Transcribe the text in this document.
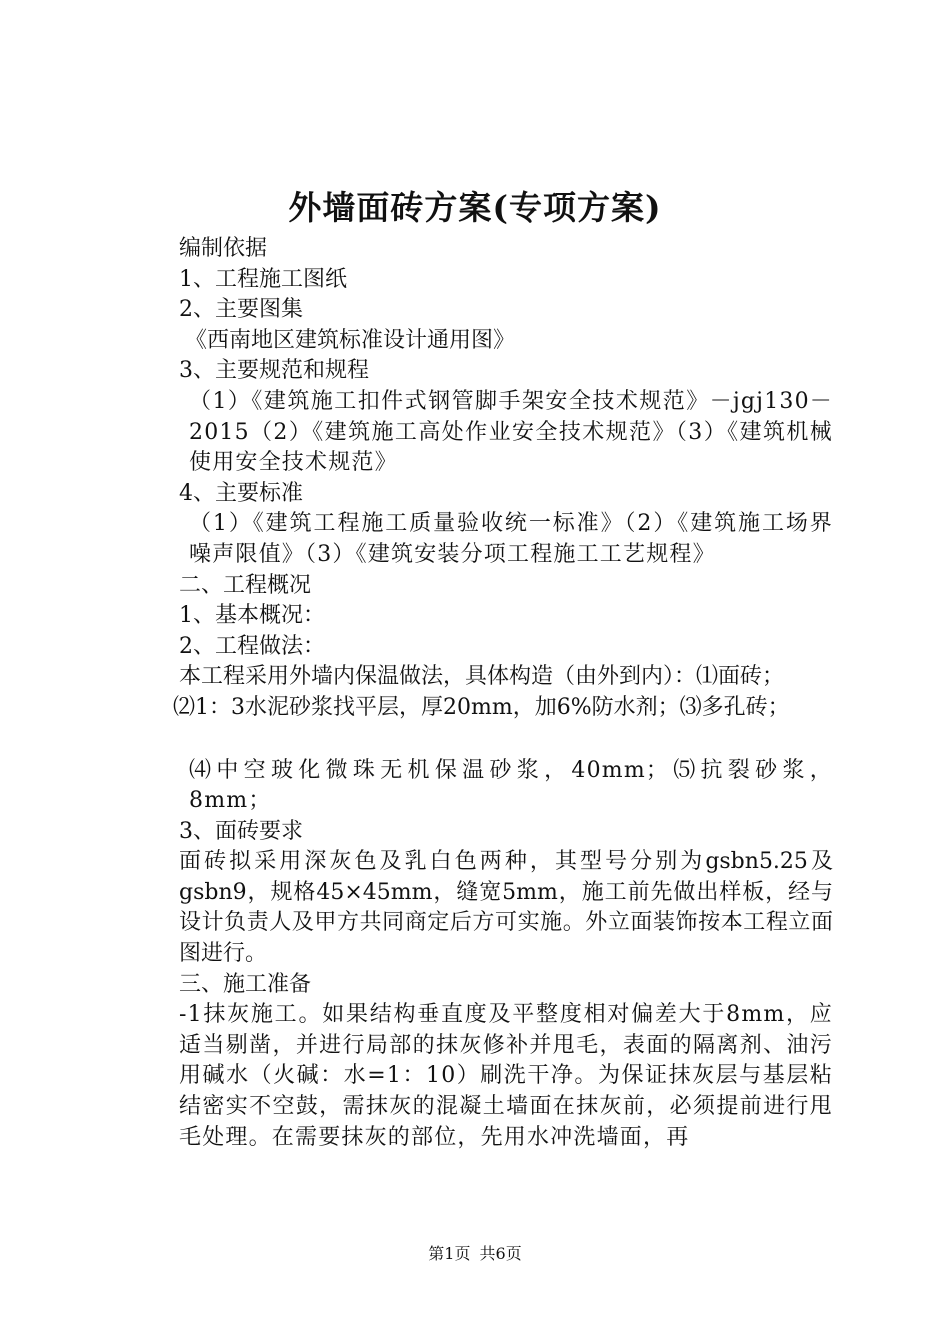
外墙面砖方案(专项方案)

编制依据

1、工程施工图纸

2、主要图集

《西南地区建筑标准设计通用图》

3、主要规范和规程

（1）《建筑施工扣件式钢管脚手架安全技术规范》－jgj130－2015（2）《建筑施工高处作业安全技术规范》（3）《建筑机械使用安全技术规范》

4、主要标准

（1）《建筑工程施工质量验收统一标准》（2）《建筑施工场界噪声限值》（3）《建筑安装分项工程施工工艺规程》

二、工程概况

1、基本概况：

2、工程做法：

本工程采用外墙内保温做法，具体构造（由外到内）：⑴面砖；

⑵1：3水泥砂浆找平层，厚20mm，加6%防水剂；⑶多孔砖；

⑷中空玻化微珠无机保温砂浆，40mm；⑸抗裂砂浆，8mm；

3、面砖要求

面砖拟采用深灰色及乳白色两种，其型号分别为gsbn5.25及gsbn9，规格45×45mm，缝宽5mm，施工前先做出样板，经与设计负责人及甲方共同商定后方可实施。外立面装饰按本工程立面图进行。

三、施工准备

-1抹灰施工。如果结构垂直度及平整度相对偏差大于8mm，应适当剔凿，并进行局部的抹灰修补并甩毛，表面的隔离剂、油污用碱水（火碱：水=1：10）刷洗干净。为保证抹灰层与基层粘结密实不空鼓，需抹灰的混凝土墙面在抹灰前，必须提前进行甩毛处理。在需要抹灰的部位，先用水冲洗墙面，再

第1页 共6页
